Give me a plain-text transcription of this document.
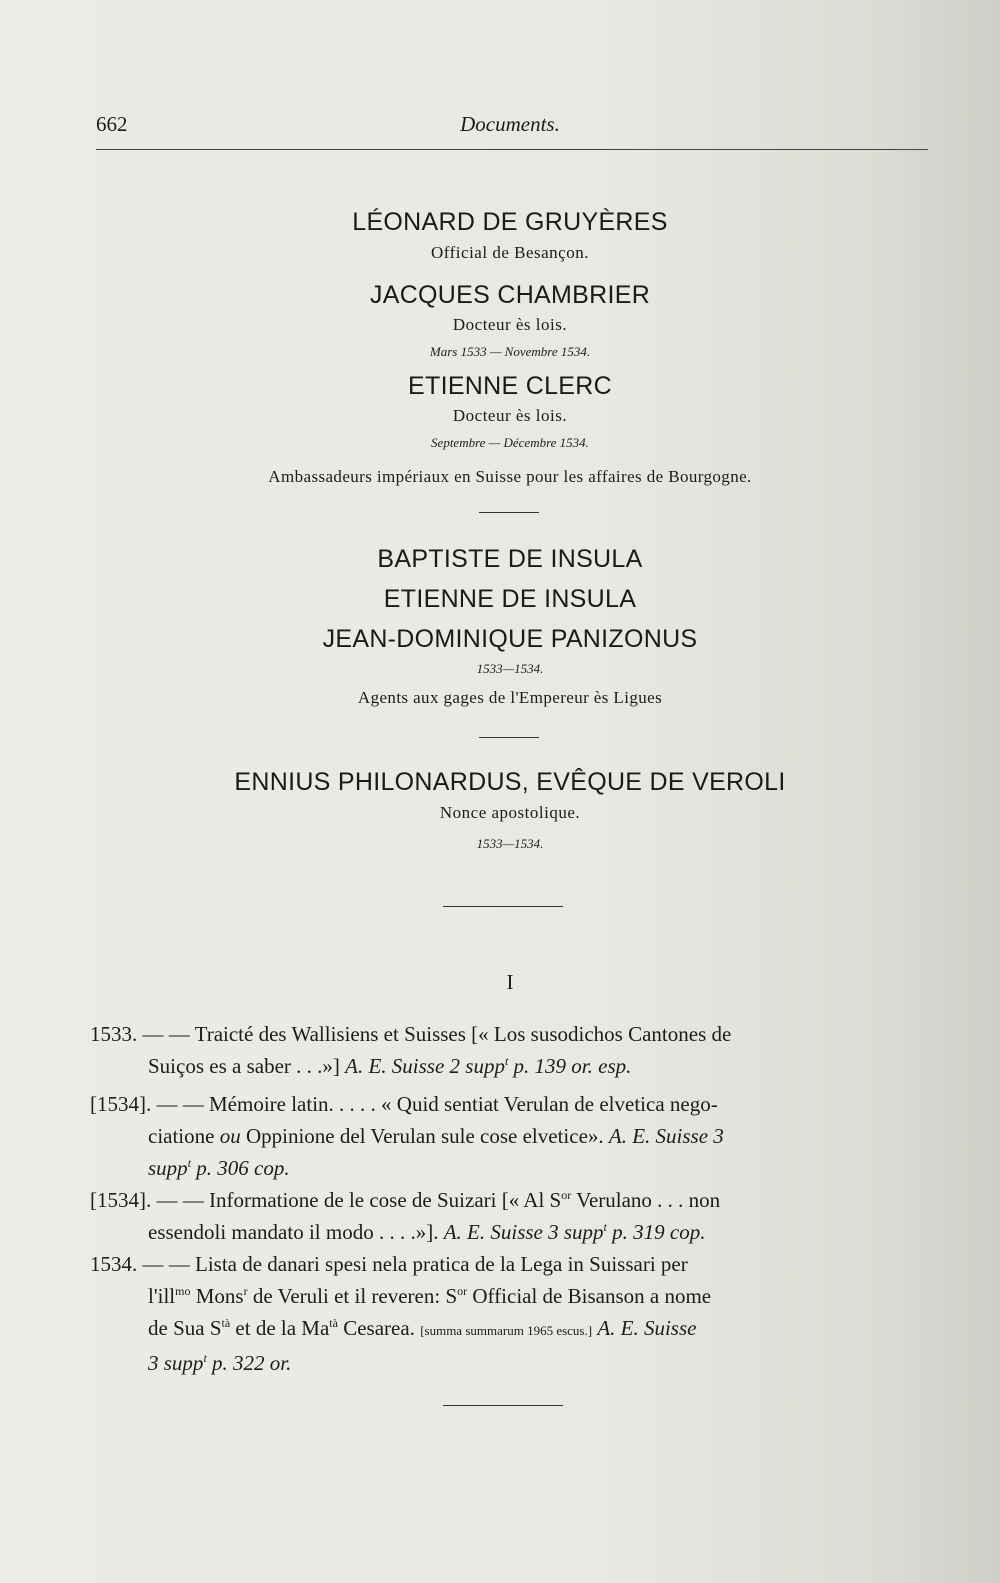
662	Documents.
LÉONARD DE GRUYÈRES
Official de Besançon.
JACQUES CHAMBRIER
Docteur ès lois.
Mars 1533 — Novembre 1534.
ETIENNE CLERC
Docteur ès lois.
Septembre — Décembre 1534.
Ambassadeurs impériaux en Suisse pour les affaires de Bourgogne.
BAPTISTE DE INSULA
ETIENNE DE INSULA
JEAN-DOMINIQUE PANIZONUS
1533—1534.
Agents aux gages de l'Empereur ès Ligues
ENNIUS PHILONARDUS, EVÊQUE DE VEROLI
Nonce apostolique.
1533—1534.
I
1533. — — Traicté des Wallisiens et Suisses [« Los susodichos Cantones de
Suiços es a saber . . .»] A. E. Suisse 2 supp$^t$ p. 139 or. esp.
[1534]. — — Mémoire latin. . . . . « Quid sentiat Verulan de elvetica nego-
ciatione ou Oppinione del Verulan sule cose elvetice». A. E. Suisse 3
supp$^t$ p. 306 cop.
[1534]. — — Informatione de le cose de Suizari [« Al $S^{or}$ Verulano . . . non
essendoli mandato il modo . . . .»]. A. E. Suisse 3 supp$^t$ p. 319 cop.
1534. — — Lista de danari spesi nela pratica de la Lega in Suissari per
l'ill$^{mo}$ Mons$^r$ de Veruli et il reveren: $S^{or}$ Official de Bisanson a nome
de Sua $S^{tà}$ et de la $Ma^{tà}$ Cesarea. [summa summarum 1965 escus.] A. E. Suisse
3 supp$^t$ p. 322 or.
